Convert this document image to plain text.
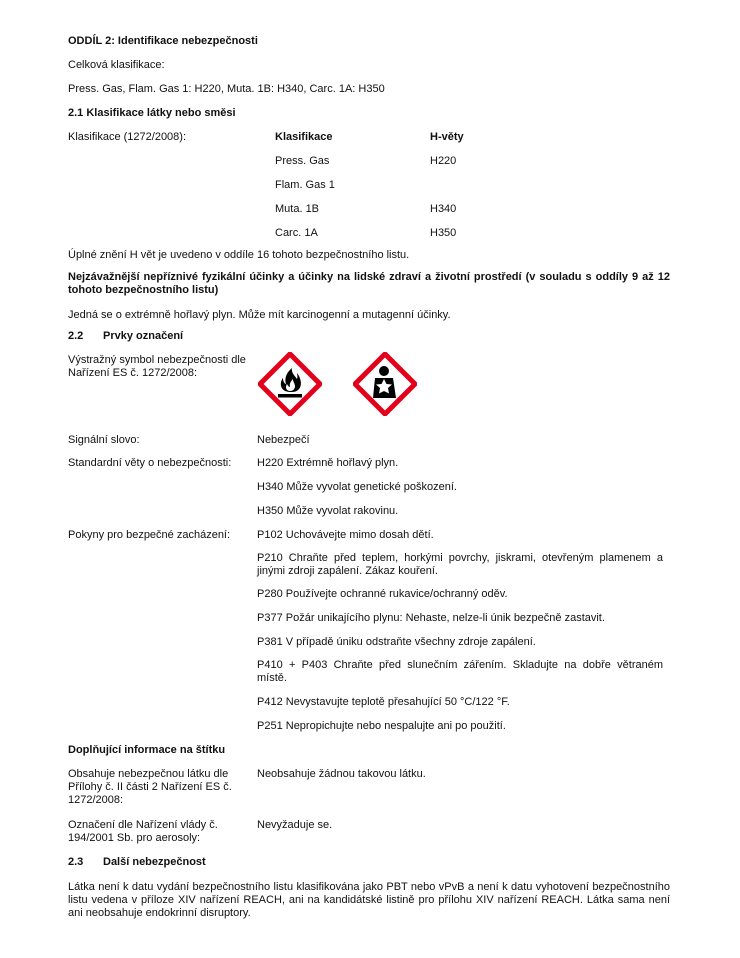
ODDÍL 2: Identifikace nebezpečnosti

Celková klasifikace:

Press. Gas, Flam. Gas 1: H220, Muta. 1B: H340, Carc. 1A: H350

2.1 Klasifikace látky nebo směsi

Klasifikace (1272/2008):	Klasifikace	H-věty
Press. Gas	H220
Flam. Gas 1
Muta. 1B	H340
Carc. 1A	H350

Úplné znění H vět je uvedeno v oddíle 16 tohoto bezpečnostního listu.

Nejzávažnější nepříznivé fyzikální účinky a účinky na lidské zdraví a životní prostředí (v souladu s oddíly 9 až 12 tohoto bezpečnostního listu)

Jedná se o extrémně hořlavý plyn. Může mít karcinogenní a mutagenní účinky.

2.2 Prvky označení
Výstražný symbol nebezpečnosti dle Nařízení ES č. 1272/2008:
Signální slovo:	Nebezpečí
Standardní věty o nebezpečnosti: H220 Extrémně hořlavý plyn.
H340 Může vyvolat genetické poškození.
H350 Může vyvolat rakovinu.
Pokyny pro bezpečné zacházení: P102 Uchovávejte mimo dosah dětí.
P210 Chraňte před teplem, horkými povrchy, jiskrami, otevřeným plamenem a jinými zdroji zapálení. Zákaz kouření.
P280 Používejte ochranné rukavice/ochranný oděv.
P377 Požár unikajícího plynu: Nehaste, nelze-li únik bezpečně zastavit.
P381 V případě úniku odstraňte všechny zdroje zapálení.
P410 + P403 Chraňte před slunečním zářením. Skladujte na dobře větraném místě.
P412 Nevystavujte teplotě přesahující 50 °C/122 °F.
P251 Nepropichujte nebo nespalujte ani po použití.

Doplňující informace na štítku

Obsahuje nebezpečnou látku dle Přílohy č. II části 2 Nařízení ES č. 1272/2008:
Neobsahuje žádnou takovou látku.
Označení dle Nařízení vlády č. 194/2001 Sb. pro aerosoly:
Nevyžaduje se.
2.3 Další nebezpečnost

Látka není k datu vydání bezpečnostního listu klasifikována jako PBT nebo vPvB a není k datu vyhotovení bezpečnostního listu vedena v příloze XIV nařízení REACH, ani na kandidátské listině pro přílohu XIV nařízení REACH. Látka sama není ani neobsahuje endokrinní disruptory.
